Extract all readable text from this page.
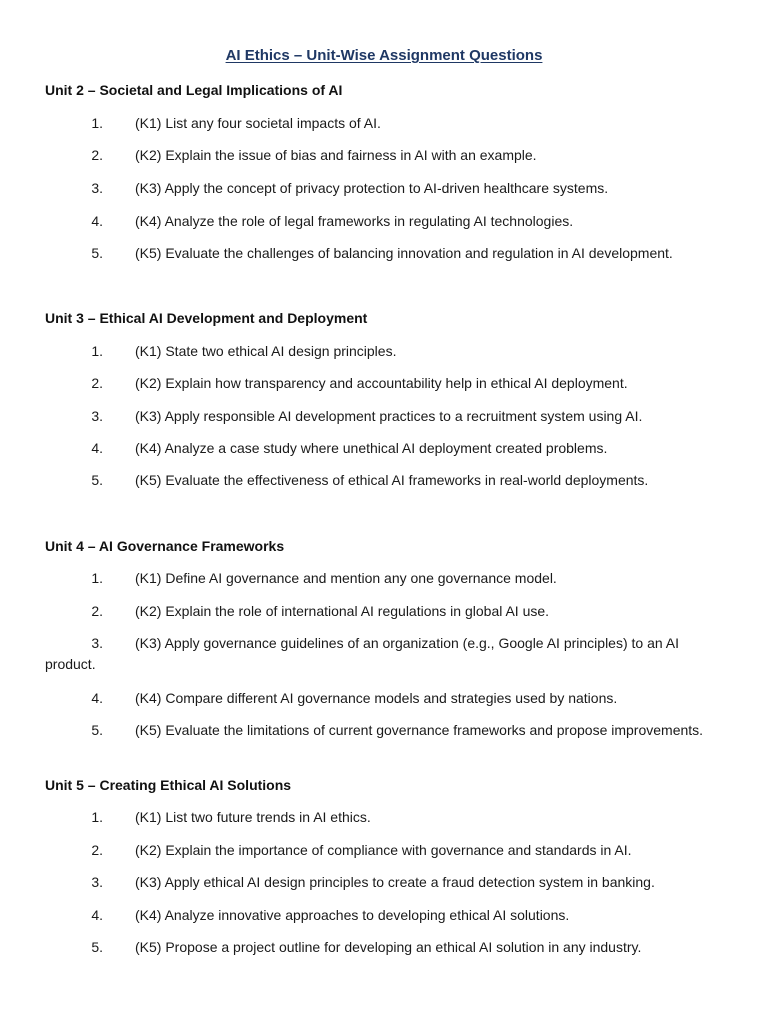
AI Ethics – Unit-Wise Assignment Questions
Unit 2 – Societal and Legal Implications of AI
1. (K1) List any four societal impacts of AI.
2. (K2) Explain the issue of bias and fairness in AI with an example.
3. (K3) Apply the concept of privacy protection to AI-driven healthcare systems.
4. (K4) Analyze the role of legal frameworks in regulating AI technologies.
5. (K5) Evaluate the challenges of balancing innovation and regulation in AI development.
Unit 3 – Ethical AI Development and Deployment
1. (K1) State two ethical AI design principles.
2. (K2) Explain how transparency and accountability help in ethical AI deployment.
3. (K3) Apply responsible AI development practices to a recruitment system using AI.
4. (K4) Analyze a case study where unethical AI deployment created problems.
5. (K5) Evaluate the effectiveness of ethical AI frameworks in real-world deployments.
Unit 4 – AI Governance Frameworks
1. (K1) Define AI governance and mention any one governance model.
2. (K2) Explain the role of international AI regulations in global AI use.
3.	(K3) Apply governance guidelines of an organization (e.g., Google AI principles) to an AI product.
4. (K4) Compare different AI governance models and strategies used by nations.
5.	(K5) Evaluate the limitations of current governance frameworks and propose improvements.
Unit 5 – Creating Ethical AI Solutions
1. (K1) List two future trends in AI ethics.
2. (K2) Explain the importance of compliance with governance and standards in AI.
3. (K3) Apply ethical AI design principles to create a fraud detection system in banking.
4. (K4) Analyze innovative approaches to developing ethical AI solutions.
5. (K5) Propose a project outline for developing an ethical AI solution in any industry.
